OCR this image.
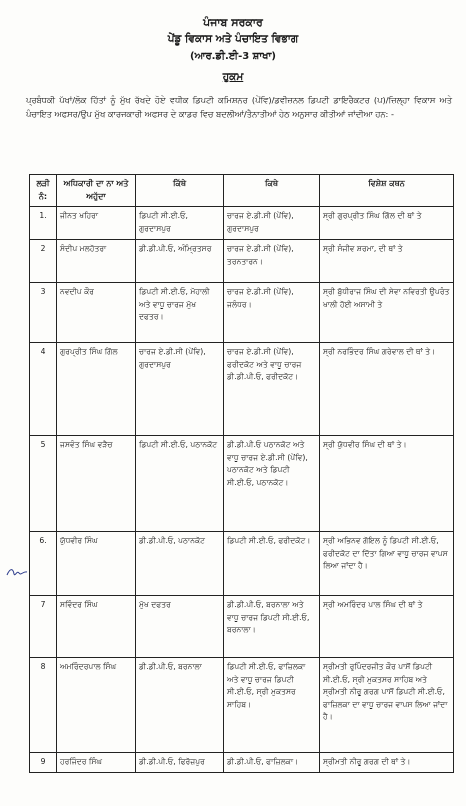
ਪੰਜਾਬ ਸਰਕਾਰ
ਪੇਂਡੂ ਵਿਕਾਸ ਅਤੇ ਪੰਚਾਇਤ ਵਿਭਾਗ
(ਆਰ.ਡੀ.ਈ-3 ਸ਼ਾਖਾ)
ਹੁਕਮ
ਪ੍ਰਬੰਧਕੀ ਪੱਖਾਂ/ਲੋਕ ਹਿੱਤਾਂ ਨੂੰ ਮੁੱਖ ਰੱਖਦੇ ਹੋਏ ਵਧੀਕ ਡਿਪਟੀ ਕਮਿਸ਼ਨਰ (ਪੇਂਵਿ)/ਡਵੀਜ਼ਨਲ ਡਿਪਟੀ ਡਾਇਰੈਕਟਰ (ਪ)/ਜ਼ਿਲ੍ਹਾ ਵਿਕਾਸ ਅਤੇ ਪੰਚਾਇਤ ਅਫਸਰ/ਉਪ ਮੁੱਖ ਕਾਰਜਕਾਰੀ ਅਫਸਰ ਦੇ ਕਾਡਰ ਵਿਚ ਬਦਲੀਆਂ/ਤੈਨਾਤੀਆਂ ਹੇਠ ਅਨੁਸਾਰ ਕੀਤੀਆਂ ਜਾਂਦੀਆ ਹਨ: -
ਲੜੀ ਨੰ:	ਅਧਿਕਾਰੀ ਦਾ ਨਾ ਅਤੇ ਅਹੁੱਦਾ	ਕਿੱਥੇ	ਕਿਥੇ	ਵਿਸ਼ੇਸ਼ ਕਥਨ
1.	ਜੀਨਤ ਖਹਿਰਾ	ਡਿਪਟੀ ਸੀ.ਈ.ਓ, ਗੁਰਦਾਸਪੁਰ	ਚਾਰਜ ਏ.ਡੀ.ਸੀ (ਪੇਂਵਿ), ਗੁਰਦਾਸਪੁਰ	ਸ੍ਰੀ ਗੁਰਪ੍ਰੀਤ ਸਿੰਘ ਗਿੱਲ ਦੀ ਥਾਂ ਤੇ
2	ਸੰਦੀਪ ਮਲਹੋਤਰਾ	ਡੀ.ਡੀ.ਪੀ.ਓ, ਅੰਮ੍ਰਿਤਸਰ	ਚਾਰਜ ਏ.ਡੀ.ਸੀ (ਪੇਂਵਿ), ਤਰਨਤਾਰਨ।	ਸ੍ਰੀ ਸੰਜੀਵ ਸ਼ਰਮਾ, ਦੀ ਥਾਂ ਤੇ
3	ਨਵਦੀਪ ਕੌਰ	ਡਿਪਟੀ ਸੀ.ਈ.ਓ, ਮੋਹਾਲੀ ਅਤੇ ਵਾਧੂ ਚਾਰਜ ਮੁੱਖ ਦਫਤਰ।	ਚਾਰਜ ਏ.ਡੀ.ਸੀ (ਪੇਂਵਿ), ਜਲੰਧਰ।	ਸ੍ਰੀ ਬੁੱਧੀਰਾਜ ਸਿੰਘ ਦੀ ਸੇਵਾ ਨਵਿਰਤੀ ਉਪਰੰਤ ਖਾਲੀ ਹੋਈ ਅਸਾਮੀ ਤੇ
4	ਗੁਰਪ੍ਰੀਤ ਸਿੰਘ ਗਿੱਲ	ਚਾਰਜ ਏ.ਡੀ.ਸੀ (ਪੇਂਵਿ), ਗੁਰਦਾਸਪੁਰ	ਚਾਰਜ ਏ.ਡੀ.ਸੀ (ਪੇਂਵਿ), ਫਰੀਦਕੋਟ ਅਤੇ ਵਾਧੂ ਚਾਰਜ ਡੀ.ਡੀ.ਪੀ.ਓ, ਫਰੀਦਕੋਟ।	ਸ੍ਰੀ ਨਰਭਿੰਦਰ ਸਿੰਘ ਗਰੇਵਾਲ ਦੀ ਥਾਂ ਤੇ।
5	ਜਸਵੰਤ ਸਿੰਘ ਵੜੈਚ	ਡਿਪਟੀ ਸੀ.ਈ.ਓ, ਪਠਾਨਕੋਟ	ਡੀ.ਡੀ.ਪੀ.ਓ ਪਠਾਨਕੋਟ ਅਤੇ ਵਾਧੂ ਚਾਰਜ ਏ.ਡੀ.ਸੀ (ਪੇਂਵਿ), ਪਠਾਨਕੋਟ ਅਤੇ ਡਿਪਟੀ ਸੀ.ਈ.ਓ, ਪਠਾਨਕੋਟ।	ਸ੍ਰੀ ਯੁੱਧਵੀਰ ਸਿੰਘ ਦੀ ਥਾਂ ਤੇ।
6.	ਯੁੱਧਵੀਰ ਸਿੰਘ	ਡੀ.ਡੀ.ਪੀ.ਓ, ਪਠਾਨਕੋਟ	ਡਿਪਟੀ ਸੀ.ਈ.ਓ, ਫਰੀਦਕੋਟ।	ਸ੍ਰੀ ਅਭਿਨਵ ਗੋਇਲ ਨੂੰ ਡਿਪਟੀ ਸੀ.ਈ.ਓ, ਫਰੀਦਕੋਟ ਦਾ ਦਿੱਤਾ ਗਿਆ ਵਾਧੂ ਚਾਰਜ ਵਾਪਸ ਲਿਆ ਜਾਂਦਾ ਹੈ।
7	ਸਵਿੰਦਰ ਸਿੰਘ	ਮੁੱਖ ਦਫਤਰ	ਡੀ.ਡੀ.ਪੀ.ਓ, ਬਰਨਾਲਾ ਅਤੇ ਵਾਧੂ ਚਾਰਜ ਡਿਪਟੀ ਸੀ.ਈ.ਓ, ਬਰਨਾਲਾ।	ਸ੍ਰੀ ਅਮਰਿੰਦਰ ਪਾਲ ਸਿੰਘ ਦੀ ਥਾਂ ਤੇ
8	ਅਮਰਿੰਦਰਪਾਲ ਸਿੰਘ	ਡੀ.ਡੀ.ਪੀ.ਓ, ਬਰਨਾਲਾ	ਡਿਪਟੀ ਸੀ.ਈ.ਓ, ਫਾਜ਼ਿਲਕਾ ਅਤੇ ਵਾਧੂ ਚਾਰਜ ਡਿਪਟੀ ਸੀ.ਈ.ਓ, ਸ੍ਰੀ ਮੁਕਤਸਰ ਸਾਹਿਬ।	ਸ੍ਰੀਮਤੀ ਰੁਪਿੰਦਰਜੀਤ ਕੌਰ ਪਾਸੋਂ ਡਿਪਟੀ ਸੀ.ਈ.ਓ, ਸ੍ਰੀ ਮੁਕਤਸਰ ਸਾਹਿਬ ਅਤੇ ਸ੍ਰੀਮਤੀ ਨੀਰੂ ਗਰਗ ਪਾਸੋਂ ਡਿਪਟੀ ਸੀ.ਈ.ਓ, ਫਾਜ਼ਿਲਕਾ ਦਾ ਵਾਧੂ ਚਾਰਜ ਵਾਪਸ ਲਿਆ ਜਾਂਦਾ ਹੈ।
9	ਹਰਜਿੰਦਰ ਸਿੰਘ	ਡੀ.ਡੀ.ਪੀ.ਓ, ਫਿਰੋਜ਼ਪੁਰ	ਡੀ.ਡੀ.ਪੀ.ਓ, ਫਾਜ਼ਿਲਕਾ।	ਸ੍ਰੀਮਤੀ ਨੀਰੂ ਗਰਗ ਦੀ ਥਾਂ ਤੇ।
